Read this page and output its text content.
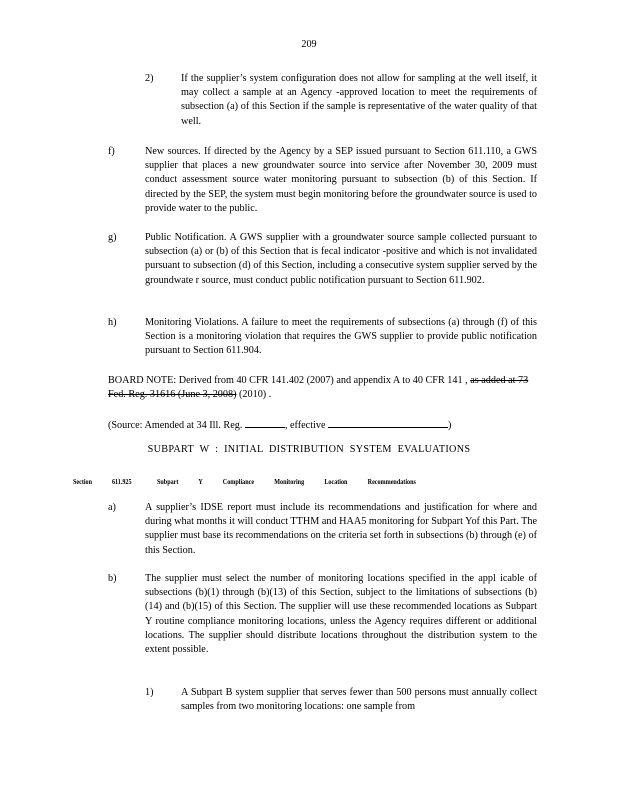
209
2)	If the supplier’s system configuration does not allow for sampling at the well itself, it may collect a sample at an Agency -approved location to meet the requirements of subsection (a) of this Section if the sample is representative of the water quality of that well.
f)	New sources. If directed by the Agency by a SEP issued pursuant to Section 611.110, a GWS supplier that places a new groundwater source into service after November 30, 2009 must conduct assessment source water monitoring pursuant to subsection (b) of this Section. If directed by the SEP, the system must begin monitoring before the groundwater source is used to provide water to the public.
g)	Public Notification. A GWS supplier with a groundwater source sample collected pursuant to subsection (a) or (b) of this Section that is fecal indicator -positive and which is not invalidated pursuant to subsection (d) of this Section, including a consecutive system supplier served by the groundwate r source, must conduct public notification pursuant to Section 611.902.
h)	Monitoring Violations. A failure to meet the requirements of subsections (a) through (f) of this Section is a monitoring violation that requires the GWS supplier to provide public notification pursuant to Section 611.904.
BOARD NOTE: Derived from 40 CFR 141.402 (2007) and appendix A to 40 CFR 141 , as added at 73 Fed. Reg. 31616 (June 3, 2008) (2010) .
(Source: Amended at 34 Ill. Reg.	, effective	)
SUBPART W : INITIAL DISTRIBUTION SYSTEM EVALUATIONS
Section	611.925	Subpart Y Compliance Monitoring Location Recommendations
a)	A supplier’s IDSE report must include its recommendations and justification for where and during what months it will conduct TTHM and HAA5 monitoring for Subpart Yof this Part. The supplier must base its recommendations on the criteria set forth in subsections (b) through (e) of this Section.
b)	The supplier must select the number of monitoring locations specified in the appl icable of subsections (b)(1) through (b)(13) of this Section, subject to the limitations of subsections (b)(14) and (b)(15) of this Section. The supplier will use these recommended locations as Subpart Y routine compliance monitoring locations, unless the Agency requires different or additional locations. The supplier should distribute locations throughout the distribution system to the extent possible.
1)	A Subpart B system supplier that serves fewer than 500 persons must annually collect samples from two monitoring locations: one sample from
